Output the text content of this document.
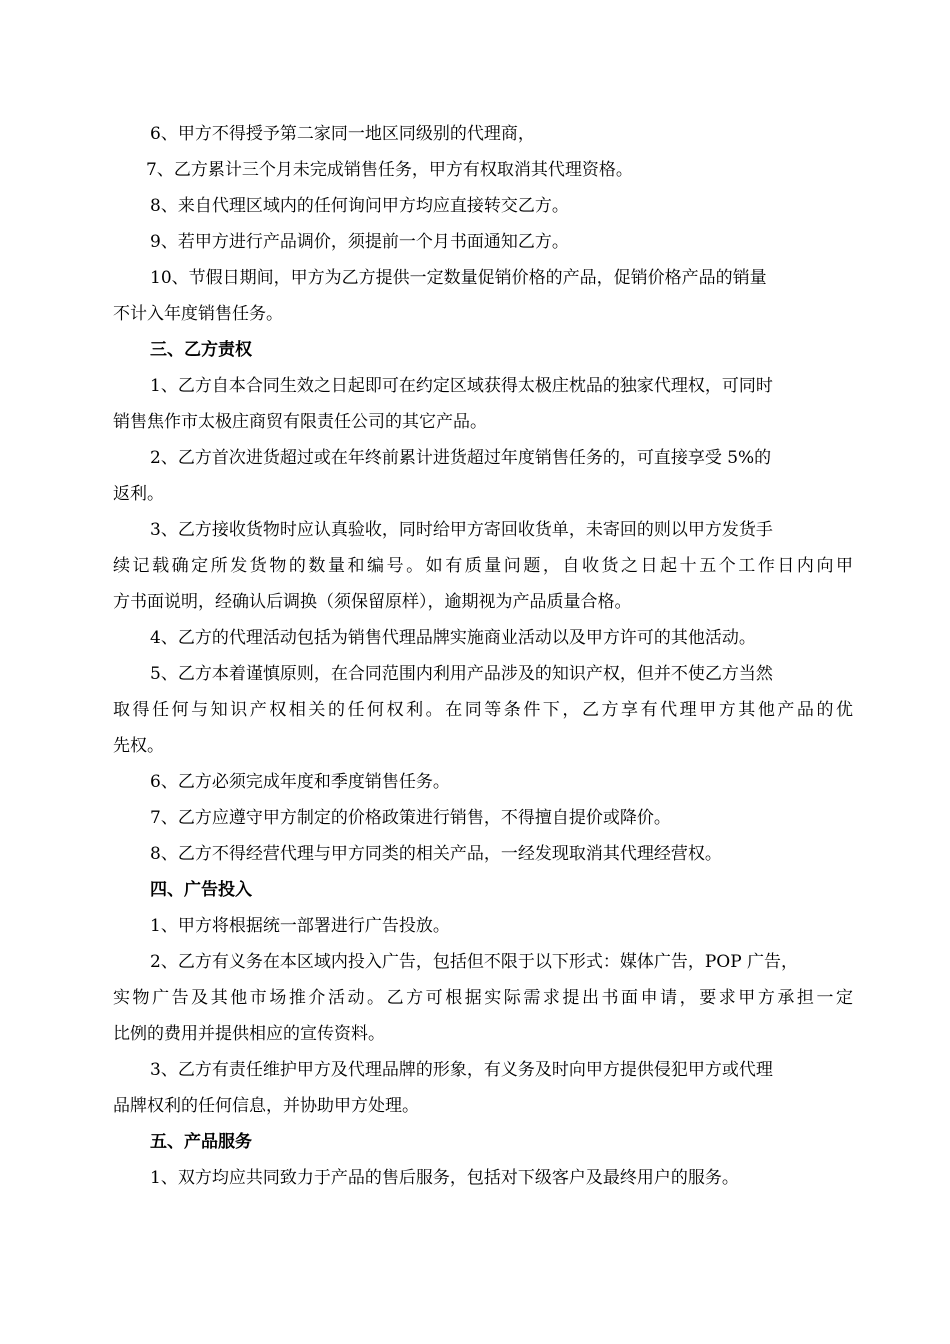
6、甲方不得授予第二家同一地区同级别的代理商，
7、乙方累计三个月未完成销售任务，甲方有权取消其代理资格。
8、来自代理区域内的任何询问甲方均应直接转交乙方。
9、若甲方进行产品调价，须提前一个月书面通知乙方。
10、节假日期间，甲方为乙方提供一定数量促销价格的产品，促销价格产品的销量
不计入年度销售任务。
三、乙方责权
1、乙方自本合同生效之日起即可在约定区域获得太极庄枕品的独家代理权，可同时
销售焦作市太极庄商贸有限责任公司的其它产品。
2、乙方首次进货超过或在年终前累计进货超过年度销售任务的，可直接享受 5%的
返利。
3、乙方接收货物时应认真验收，同时给甲方寄回收货单，未寄回的则以甲方发货手
续记载确定所发货物的数量和编号。如有质量问题，自收货之日起十五个工作日内向甲
方书面说明，经确认后调换（须保留原样），逾期视为产品质量合格。
4、乙方的代理活动包括为销售代理品牌实施商业活动以及甲方许可的其他活动。
5、乙方本着谨慎原则，在合同范围内利用产品涉及的知识产权，但并不使乙方当然
取得任何与知识产权相关的任何权利。在同等条件下，乙方享有代理甲方其他产品的优
先权。
6、乙方必须完成年度和季度销售任务。
7、乙方应遵守甲方制定的价格政策进行销售，不得擅自提价或降价。
8、乙方不得经营代理与甲方同类的相关产品，一经发现取消其代理经营权。
四、广告投入
1、甲方将根据统一部署进行广告投放。
2、乙方有义务在本区域内投入广告，包括但不限于以下形式：媒体广告，POP 广告，
实物广告及其他市场推介活动。乙方可根据实际需求提出书面申请，要求甲方承担一定
比例的费用并提供相应的宣传资料。
3、乙方有责任维护甲方及代理品牌的形象，有义务及时向甲方提供侵犯甲方或代理
品牌权利的任何信息，并协助甲方处理。
五、产品服务
1、双方均应共同致力于产品的售后服务，包括对下级客户及最终用户的服务。
